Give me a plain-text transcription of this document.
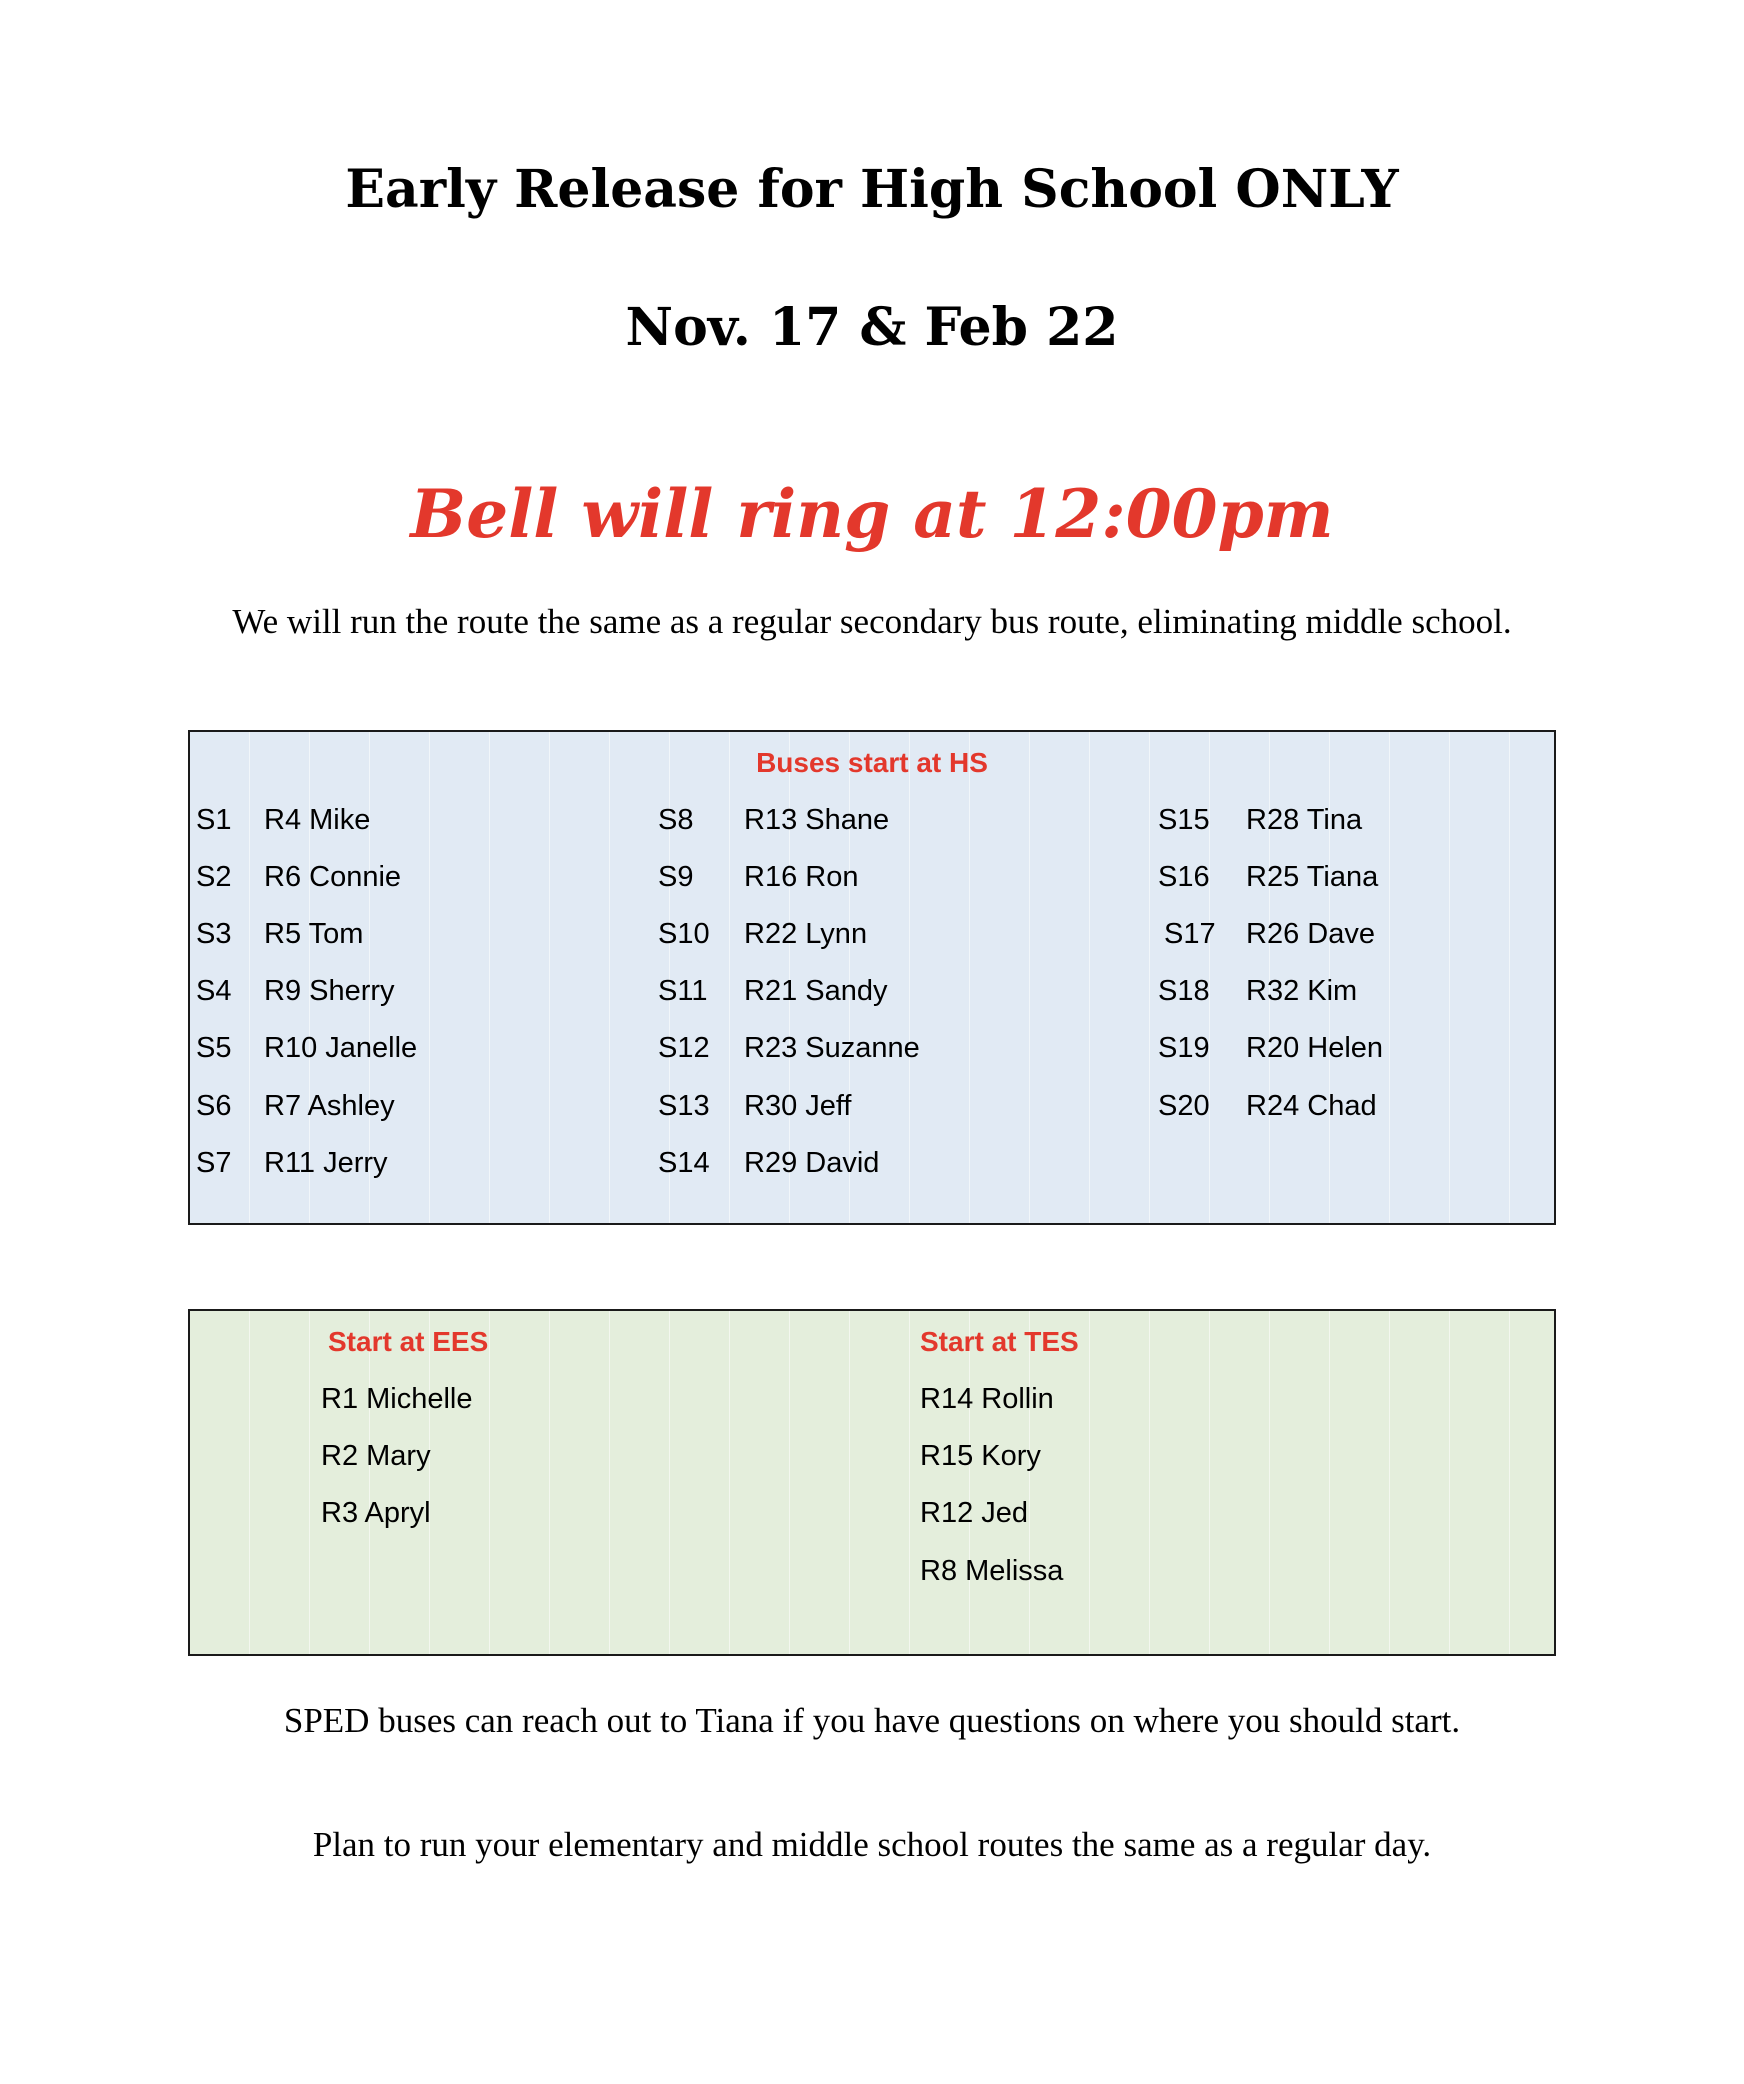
Early Release for High School ONLY
Nov. 17 & Feb 22
Bell will ring at 12:00pm

We will run the route the same as a regular secondary bus route, eliminating middle school.

Buses start at HS
S1 R4 Mike
S2 R6 Connie
S3 R5 Tom
S4 R9 Sherry
S5 R10 Janelle
S6 R7 Ashley
S7 R11 Jerry
S8 R13 Shane
S9 R16 Ron
S10 R22 Lynn
S11 R21 Sandy
S12 R23 Suzanne
S13 R30 Jeff
S14 R29 David
S15 R28 Tina
S16 R25 Tiana
S17 R26 Dave
S18 R32 Kim
S19 R20 Helen
S20 R24 Chad
Start at EES
R1 Michelle
R2 Mary
R3 Apryl
Start at TES
R14 Rollin
R15 Kory
R12 Jed
R8 Melissa

SPED buses can reach out to Tiana if you have questions on where you should start.

Plan to run your elementary and middle school routes the same as a regular day.
